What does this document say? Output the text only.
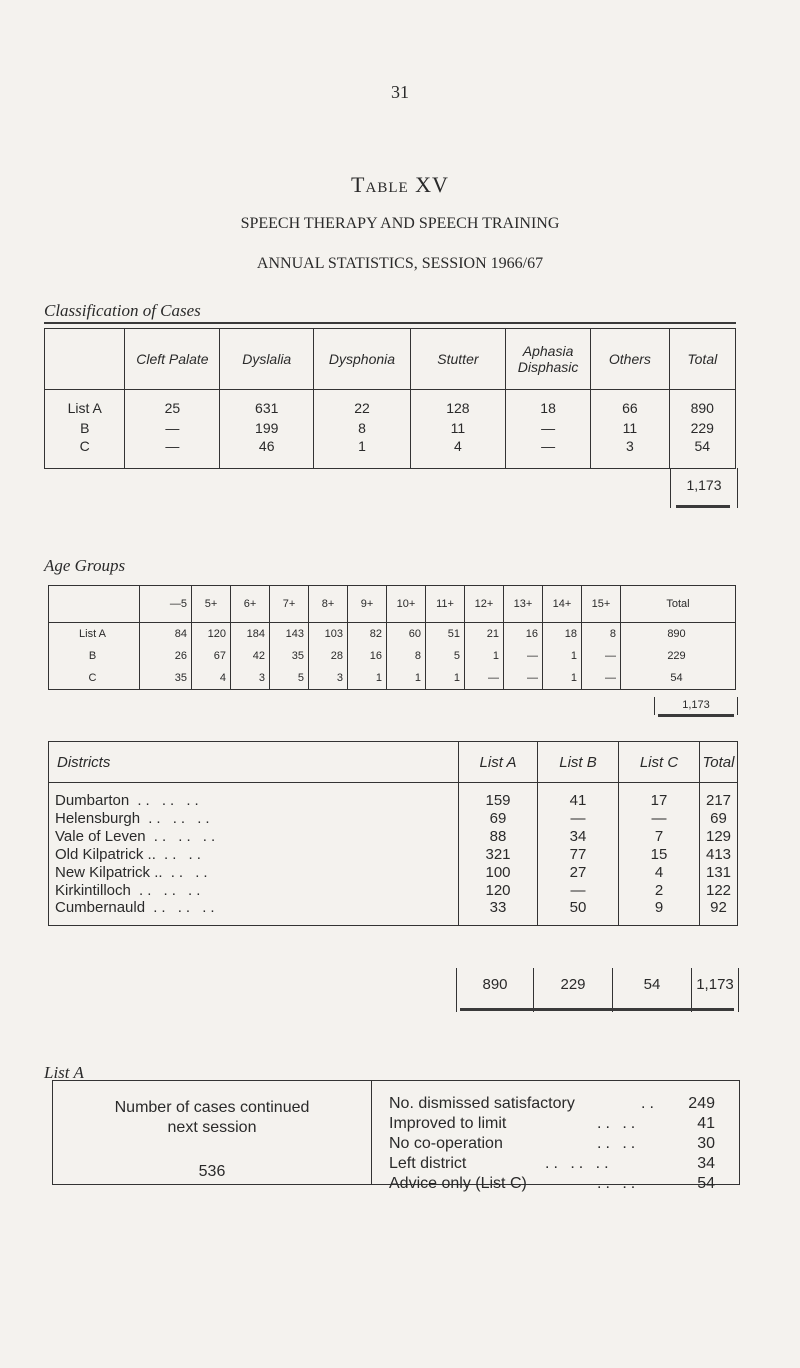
31
Table XV
SPEECH THERAPY AND SPEECH TRAINING
ANNUAL STATISTICS, SESSION 1966/67
Classification of Cases
	Cleft Palate	Dyslalia	Dysphonia	Stutter	Aphasia Disphasic	Others	Total
List A	25	631	22	128	18	66	890
B	—	199	8	11	—	11	229
C	—	46	1	4	—	3	54
1,173
Age Groups
	—5	5+	6+	7+	8+	9+	10+	11+	12+	13+	14+	15+	Total
List A	84	120	184	143	103	82	60	51	21	16	18	8	890
B	26	67	42	35	28	16	8	5	1	—	1	—	229
C	35	4	3	5	3	1	1	1	—	—	1	—	54
1,173
Districts	List A	List B	List C	Total
Dumbarton .. .. ..	159	41	17	217
Helensburgh .. .. ..	69	—	—	69
Vale of Leven .. .. ..	88	34	7	129
Old Kilpatrick .. .. ..	321	77	15	413
New Kilpatrick .. .. ..	100	27	4	131
Kirkintilloch .. .. ..	120	—	2	122
Cumbernauld .. .. ..	33	50	9	92
890	229	54	1,173
List A
Number of cases continued
next session
536
No. dismissed satisfactory	.. 249
Improved to limit	.. ..	41
No co-operation	.. ..	30
Left district	.. .. ..	34
Advice only (List C)	.. ..	54
